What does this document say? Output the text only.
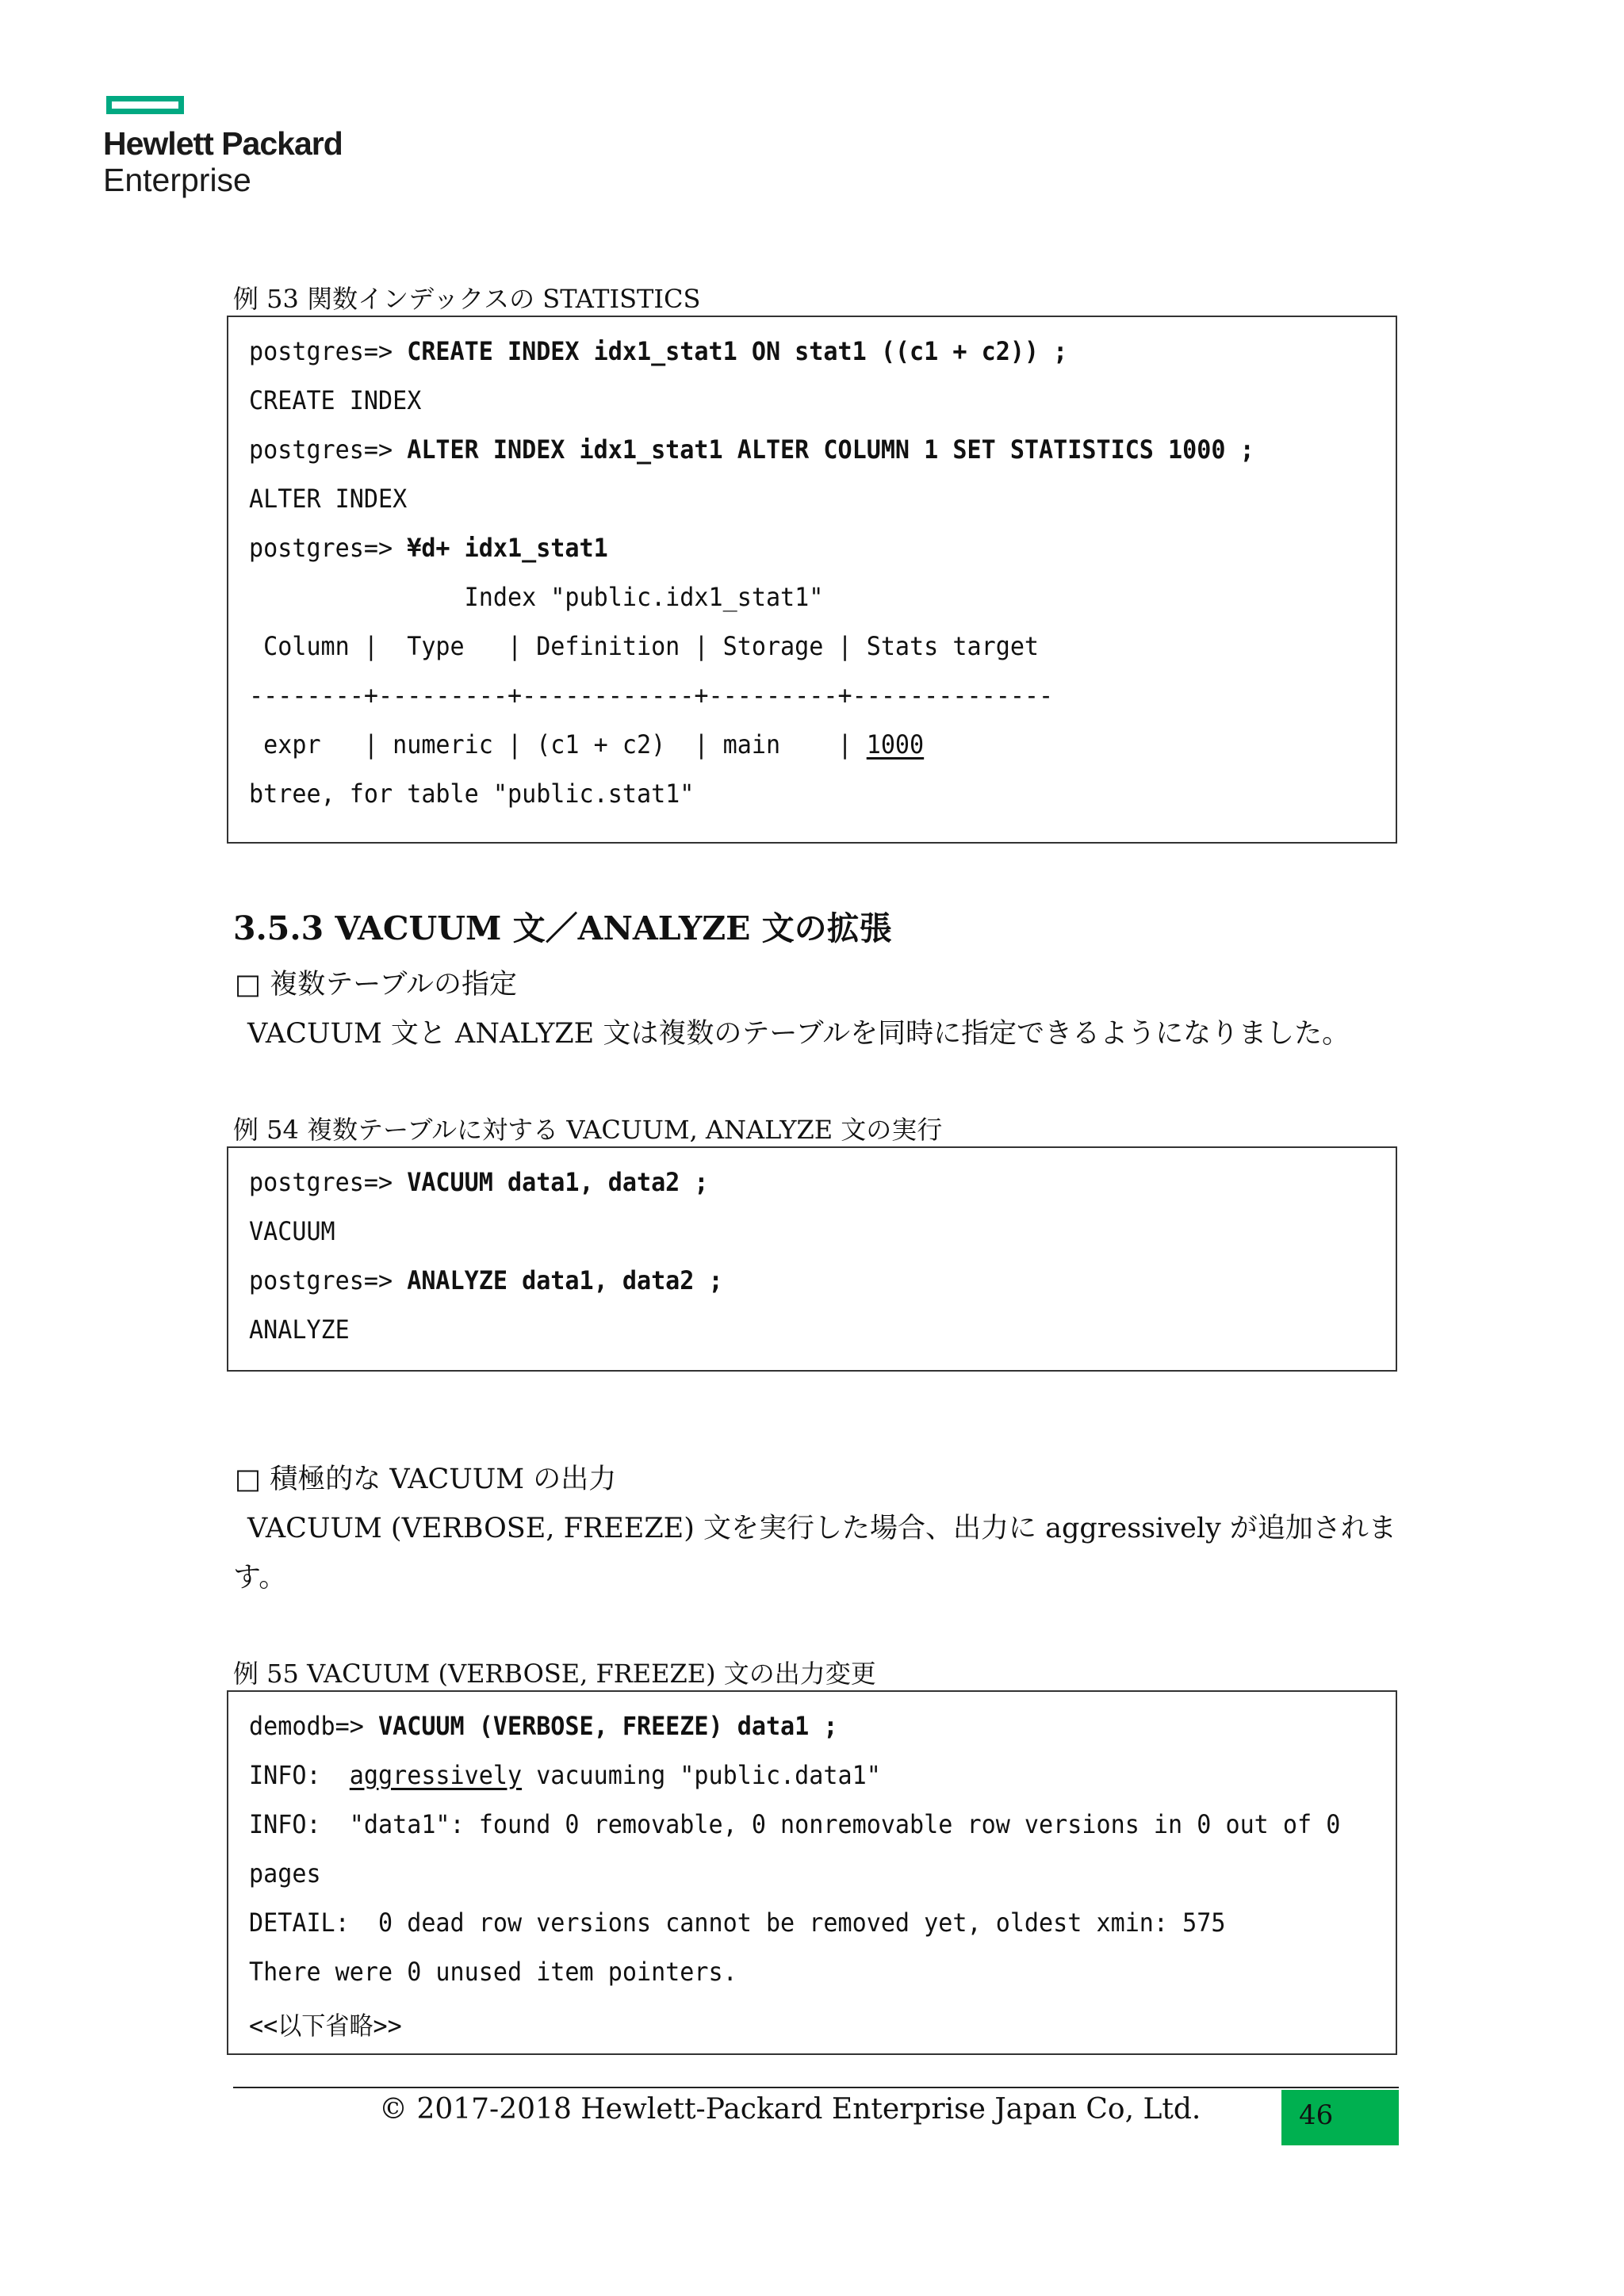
Hewlett Packard
Enterprise
例 53 関数インデックスの STATISTICS
postgres=> CREATE INDEX idx1_stat1 ON stat1 ((c1 + c2)) ;
CREATE INDEX
postgres=> ALTER INDEX idx1_stat1 ALTER COLUMN 1 SET STATISTICS 1000 ;
ALTER INDEX
postgres=> ¥d+ idx1_stat1
Index "public.idx1_stat1"
Column |  Type   | Definition | Storage | Stats target
--------+---------+------------+---------+--------------
expr   | numeric | (c1 + c2)  | main    | 1000
btree, for table "public.stat1"
3.5.3 VACUUM 文／ANALYZE 文の拡張
□ 複数テーブルの指定
VACUUM 文と ANALYZE 文は複数のテーブルを同時に指定できるようになりました。
例 54 複数テーブルに対する VACUUM, ANALYZE 文の実行
postgres=> VACUUM data1, data2 ;
VACUUM
postgres=> ANALYZE data1, data2 ;
ANALYZE
□ 積極的な VACUUM の出力
VACUUM (VERBOSE, FREEZE) 文を実行した場合、出力に aggressively が追加されま
す。
例 55 VACUUM (VERBOSE, FREEZE) 文の出力変更
demodb=> VACUUM (VERBOSE, FREEZE) data1 ;
INFO:  aggressively vacuuming "public.data1"
INFO:  "data1": found 0 removable, 0 nonremovable row versions in 0 out of 0
pages
DETAIL:  0 dead row versions cannot be removed yet, oldest xmin: 575
There were 0 unused item pointers.
<<以下省略>>
© 2017-2018 Hewlett-Packard Enterprise Japan Co, Ltd.	46
